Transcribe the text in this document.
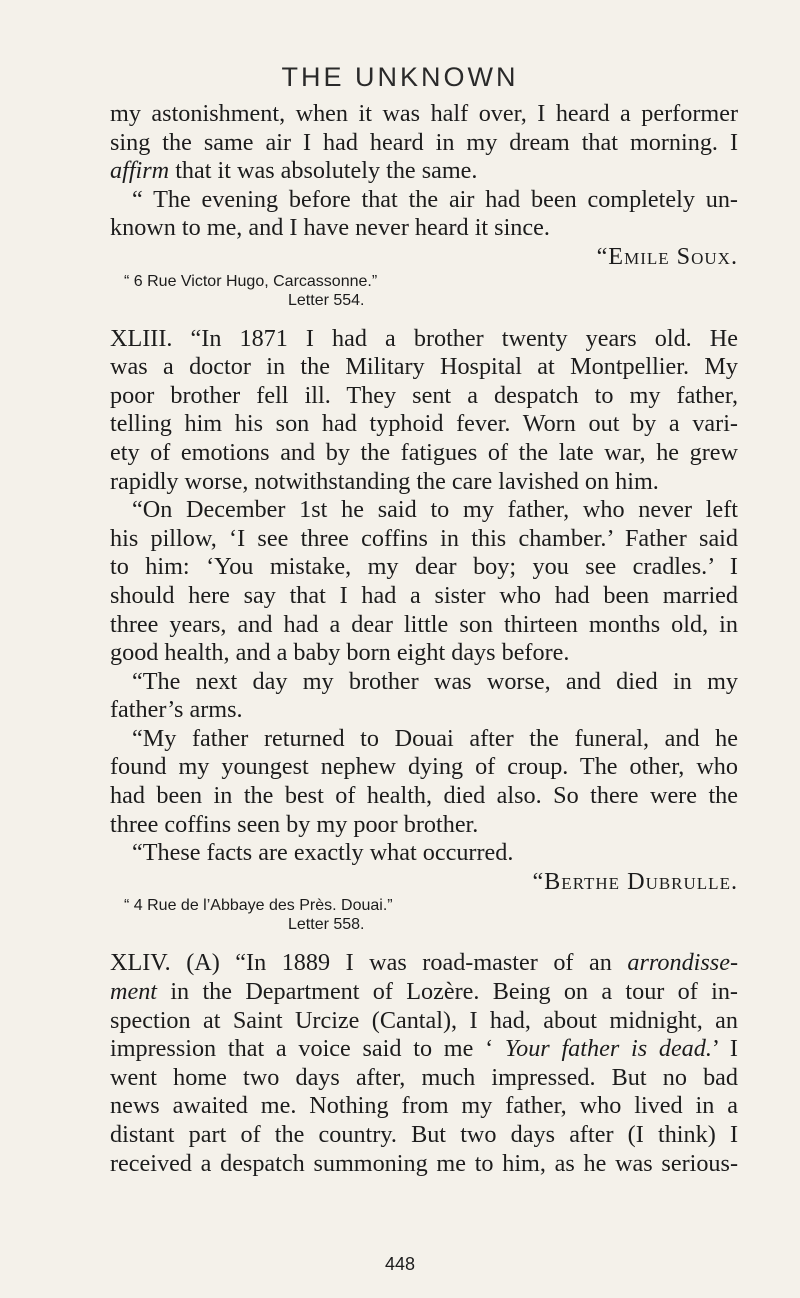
THE UNKNOWN

my astonishment, when it was half over, I heard a performer

sing the same air I had heard in my dream that morning. I

affirm that it was absolutely the same.

“ The evening before that the air had been completely un-

known to me, and I have never heard it since.

“Emile Soux.

“ 6 Rue Victor Hugo, Carcassonne.”

Letter 554.

XLIII. “In 1871 I had a brother twenty years old. He

was a doctor in the Military Hospital at Montpellier. My

poor brother fell ill. They sent a despatch to my father,

telling him his son had typhoid fever. Worn out by a vari-

ety of emotions and by the fatigues of the late war, he grew

rapidly worse, notwithstanding the care lavished on him.

“On December 1st he said to my father, who never left

his pillow, ‘I see three coffins in this chamber.’ Father said

to him: ‘You mistake, my dear boy; you see cradles.’ I

should here say that I had a sister who had been married

three years, and had a dear little son thirteen months old, in

good health, and a baby born eight days before.

“The next day my brother was worse, and died in my

father’s arms.

“My father returned to Douai after the funeral, and he

found my youngest nephew dying of croup. The other, who

had been in the best of health, died also. So there were the

three coffins seen by my poor brother.

“These facts are exactly what occurred.

“Berthe Dubrulle.

“ 4 Rue de l’Abbaye des Près. Douai.”

Letter 558.

XLIV. (A) “In 1889 I was road-master of an arrondisse-

ment in the Department of Lozère. Being on a tour of in-

spection at Saint Urcize (Cantal), I had, about midnight, an

impression that a voice said to me ‘ Your father is dead.’ I

went home two days after, much impressed. But no bad

news awaited me. Nothing from my father, who lived in a

distant part of the country. But two days after (I think) I

received a despatch summoning me to him, as he was serious-

448
